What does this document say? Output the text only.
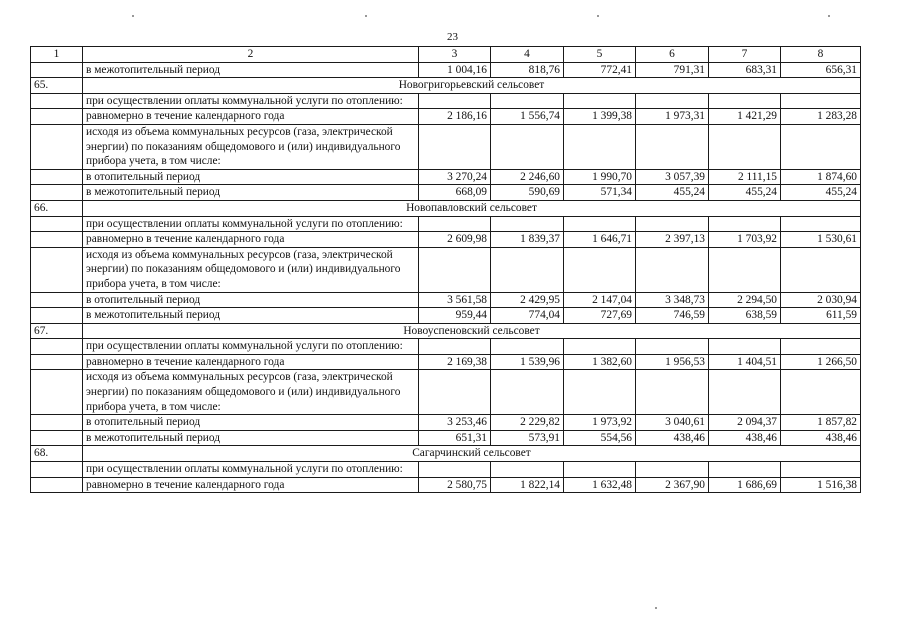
23
1	2	3	4	5	6	7	8
	в межотопительный период	1 004,16	818,76	772,41	791,31	683,31	656,31
65.	Новогригорьевский сельсовет						
	при осуществлении оплаты коммунальной услуги по отоплению:						
	равномерно в течение календарного года	2 186,16	1 556,74	1 399,38	1 973,31	1 421,29	1 283,28
	исходя из объема коммунальных ресурсов (газа, электрической энергии) по показаниям общедомового и (или) индивидуального прибора учета, в том числе:						
	в отопительный период	3 270,24	2 246,60	1 990,70	3 057,39	2 111,15	1 874,60
	в межотопительный период	668,09	590,69	571,34	455,24	455,24	455,24
66.	Новопавловский сельсовет						
	при осуществлении оплаты коммунальной услуги по отоплению:						
	равномерно в течение календарного года	2 609,98	1 839,37	1 646,71	2 397,13	1 703,92	1 530,61
	исходя из объема коммунальных ресурсов (газа, электрической энергии) по показаниям общедомового и (или) индивидуального прибора учета, в том числе:						
	в отопительный период	3 561,58	2 429,95	2 147,04	3 348,73	2 294,50	2 030,94
	в межотопительный период	959,44	774,04	727,69	746,59	638,59	611,59
67.	Новоуспеновский сельсовет						
	при осуществлении оплаты коммунальной услуги по отоплению:						
	равномерно в течение календарного года	2 169,38	1 539,96	1 382,60	1 956,53	1 404,51	1 266,50
	исходя из объема коммунальных ресурсов (газа, электрической энергии) по показаниям общедомового и (или) индивидуального прибора учета, в том числе:						
	в отопительный период	3 253,46	2 229,82	1 973,92	3 040,61	2 094,37	1 857,82
	в межотопительный период	651,31	573,91	554,56	438,46	438,46	438,46
68.	Сагарчинский сельсовет						
	при осуществлении оплаты коммунальной услуги по отоплению:						
	равномерно в течение календарного года	2 580,75	1 822,14	1 632,48	2 367,90	1 686,69	1 516,38
